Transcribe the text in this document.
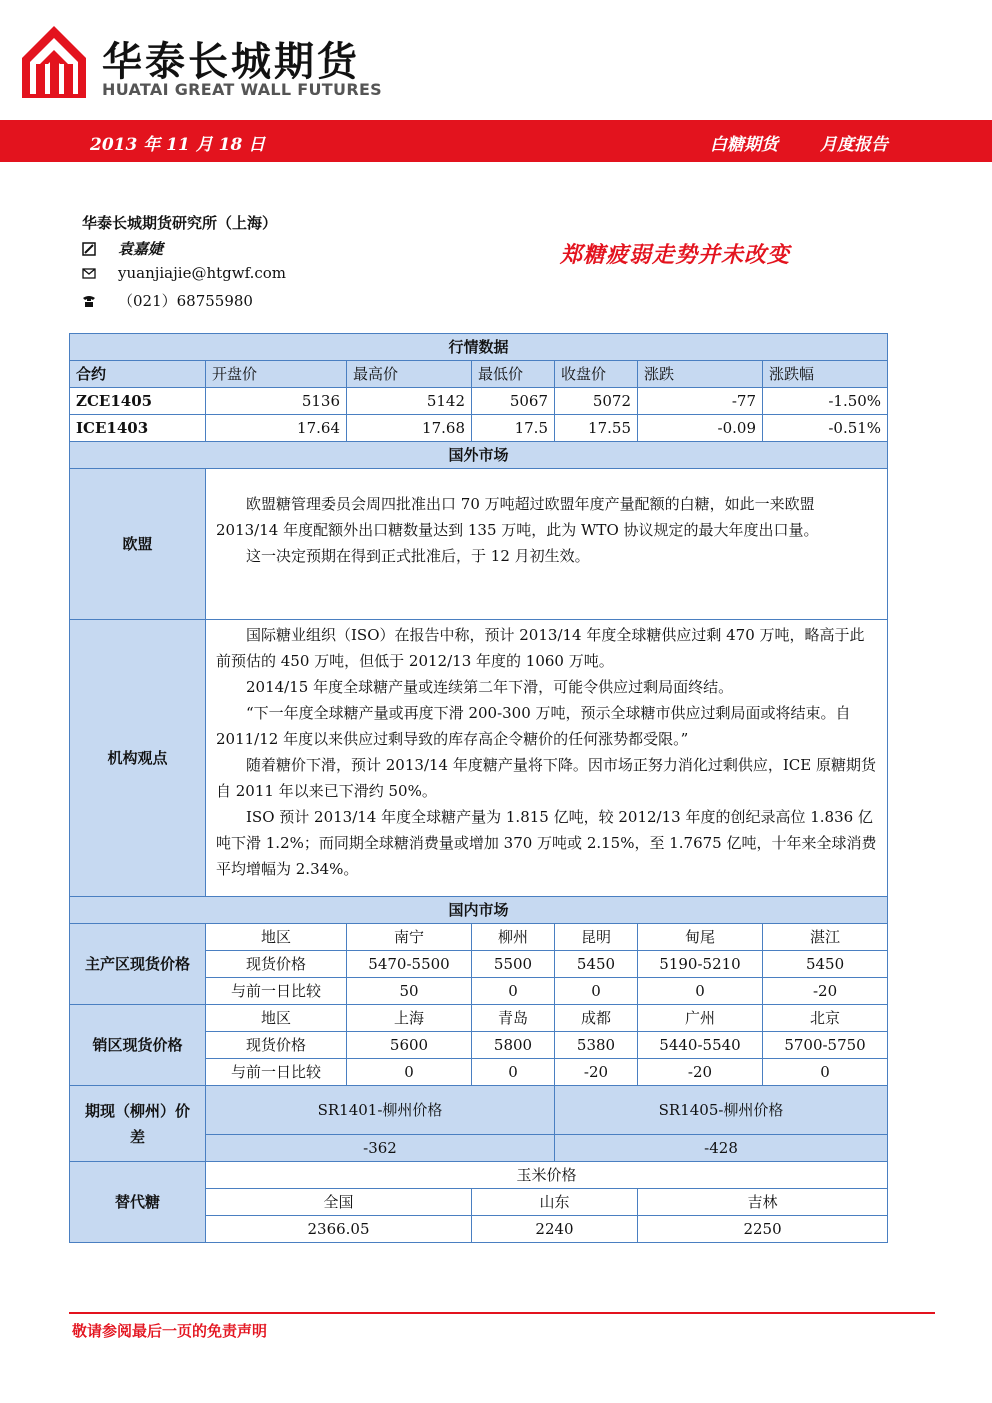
华泰长城期货
HUATAI GREAT WALL FUTURES
2013 年 11 月 18 日	白糖期货 月度报告
华泰长城期货研究所（上海）
袁嘉婕
yuanjiajie@htgwf.com
（021）68755980
郑糖疲弱走势并未改变
行情数据						
合约	开盘价	最高价	最低价	收盘价	涨跌	涨跌幅
ZCE1405	5136	5142	5067	5072	-77	-1.50%
ICE1403	17.64	17.68	17.5	17.55	-0.09	-0.51%
国外市场						
欧盟	欧盟糖管理委员会周四批准出口 70 万吨超过欧盟年度产量配额的白糖，如此一来欧盟 2013/14 年度配额外出口糖数量达到 135 万吨，此为 WTO 协议规定的最大年度出口量。

这一决定预期在得到正式批准后，于 12 月初生效。					

机构观点	国际糖业组织（ISO）在报告中称，预计 2013/14 年度全球糖供应过剩 470 万吨，略高于此前预估的 450 万吨，但低于 2012/13 年度的 1060 万吨。

2014/15 年度全球糖产量或连续第二年下滑，可能令供应过剩局面终结。

“下一年度全球糖产量或再度下滑 200-300 万吨，预示全球糖市供应过剩局面或将结束。自 2011/12 年度以来供应过剩导致的库存高企令糖价的任何涨势都受限。”

随着糖价下滑，预计 2013/14 年度糖产量将下降。因市场正努力消化过剩供应，ICE 原糖期货自 2011 年以来已下滑约 50%。

ISO 预计 2013/14 年度全球糖产量为 1.815 亿吨，较 2012/13 年度的创纪录高位 1.836 亿吨下滑 1.2%；而同期全球糖消费量或增加 370 万吨或 2.15%，至 1.7675 亿吨，十年来全球消费平均增幅为 2.34%。					

国内市场						
主产区现货价格	地区	南宁	柳州	昆明	甸尾	湛江
	现货价格	5470-5500	5500	5450	5190-5210	5450
	与前一日比较	50	0	0	0	-20
销区现货价格	地区	上海	青岛	成都	广州	北京
	现货价格	5600	5800	5380	5440-5540	5700-5750
	与前一日比较	0	0	-20	-20	0
期现（柳州）价差	SR1401-柳州价格			SR1405-柳州价格		
	-362			-428		
替代糖	玉米价格					
	全国		山东		吉林	
	2366.05		2240		2250	
敬请参阅最后一页的免责声明
